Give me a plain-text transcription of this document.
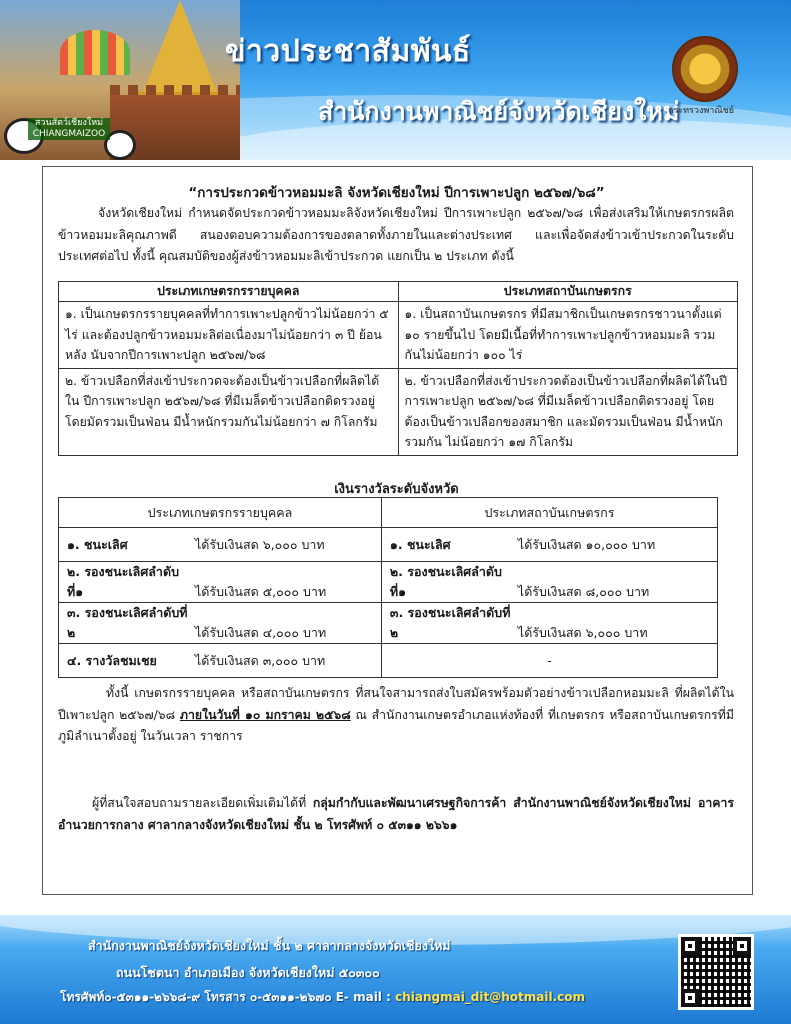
สวนสัตว์เชียงใหม่ CHIANGMAIZOO
ข่าวประชาสัมพันธ์
สำนักงานพาณิชย์จังหวัดเชียงใหม่
กระทรวงพาณิชย์
“การประกวดข้าวหอมมะลิ จังหวัดเชียงใหม่ ปีการเพาะปลูก ๒๕๖๗/๖๘”
จังหวัดเชียงใหม่ กำหนดจัดประกวดข้าวหอมมะลิจังหวัดเชียงใหม่ ปีการเพาะปลูก ๒๕๖๗/๖๘ เพื่อส่งเสริมให้เกษตรกรผลิตข้าวหอมมะลิคุณภาพดี สนองตอบความต้องการของตลาดทั้งภายในและต่างประเทศ และเพื่อจัดส่งข้าวเข้าประกวดในระดับประเทศต่อไป ทั้งนี้ คุณสมบัติของผู้ส่งข้าวหอมมะลิเข้าประกวด แยกเป็น ๒ ประเภท ดังนี้
ประเภทเกษตรกรรายบุคคล	ประเภทสถาบันเกษตรกร
๑. เป็นเกษตรกรรายบุคคลที่ทำการเพาะปลูกข้าวไม่น้อยกว่า ๕ ไร่ และต้องปลูกข้าวหอมมะลิต่อเนื่องมาไม่น้อยกว่า ๓ ปี ย้อนหลัง นับจากปีการเพาะปลูก ๒๕๖๗/๖๘	๑. เป็นสถาบันเกษตรกร ที่มีสมาชิกเป็นเกษตรกรชาวนาตั้งแต่ ๑๐ รายขึ้นไป โดยมีเนื้อที่ทำการเพาะปลูกข้าวหอมมะลิ รวมกันไม่น้อยกว่า ๑๐๐ ไร่
๒. ข้าวเปลือกที่ส่งเข้าประกวดจะต้องเป็นข้าวเปลือกที่ผลิตได้ใน ปีการเพาะปลูก ๒๕๖๗/๖๘ ที่มีเมล็ดข้าวเปลือกติดรวงอยู่โดยมัดรวมเป็นฟ่อน มีน้ำหนักรวมกันไม่น้อยกว่า ๗ กิโลกรัม	๒. ข้าวเปลือกที่ส่งเข้าประกวดต้องเป็นข้าวเปลือกที่ผลิตได้ในปีการเพาะปลูก ๒๕๖๗/๖๘ ที่มีเมล็ดข้าวเปลือกติดรวงอยู่ โดยต้องเป็นข้าวเปลือกของสมาชิก และมัดรวมเป็นฟ่อน มีน้ำหนักรวมกัน ไม่น้อยกว่า ๑๗ กิโลกรัม
เงินรางวัลระดับจังหวัด
ประเภทเกษตรกรรายบุคคล	ประเภทสถาบันเกษตรกร
๑. ชนะเลิศ ได้รับเงินสด ๖,๐๐๐ บาท	๑. ชนะเลิศ ได้รับเงินสด ๑๐,๐๐๐ บาท
๒. รองชนะเลิศลำดับที่๑ ได้รับเงินสด ๕,๐๐๐ บาท	๒. รองชนะเลิศลำดับที่๑ ได้รับเงินสด ๘,๐๐๐ บาท
๓. รองชนะเลิศลำดับที่ ๒ ได้รับเงินสด ๔,๐๐๐ บาท	๓. รองชนะเลิศลำดับที่ ๒ ได้รับเงินสด ๖,๐๐๐ บาท
๔. รางวัลชมเชย ได้รับเงินสด ๓,๐๐๐ บาท	-
ทั้งนี้ เกษตรกรรายบุคคล หรือสถาบันเกษตรกร ที่สนใจสามารถส่งใบสมัครพร้อมตัวอย่างข้าวเปลือกหอมมะลิ ที่ผลิตได้ในปีเพาะปลูก ๒๕๖๗/๖๘ ภายในวันที่ ๑๐ มกราคม ๒๕๖๘ ณ สำนักงานเกษตรอำเภอแห่งท้องที่ ที่เกษตรกร หรือสถาบันเกษตรกรที่มีภูมิลำเนาตั้งอยู่ ในวันเวลา ราชการ
ผู้ที่สนใจสอบถามรายละเอียดเพิ่มเติมได้ที่ กลุ่มกำกับและพัฒนาเศรษฐกิจการค้า สำนักงานพาณิชย์จังหวัดเชียงใหม่ อาคารอำนวยการกลาง ศาลากลางจังหวัดเชียงใหม่ ชั้น ๒ โทรศัพท์ ๐ ๕๓๑๑ ๒๖๖๑
สำนักงานพาณิชย์จังหวัดเชียงใหม่ ชั้น ๒ ศาลากลางจังหวัดเชียงใหม่
ถนนโชตนา อำเภอเมือง จังหวัดเชียงใหม่ ๕๐๓๐๐
โทรศัพท์๐-๕๓๑๑-๒๖๖๘-๙ โทรสาร ๐-๕๓๑๑-๒๖๗๐ E- mail : chiangmai_dit@hotmail.com
